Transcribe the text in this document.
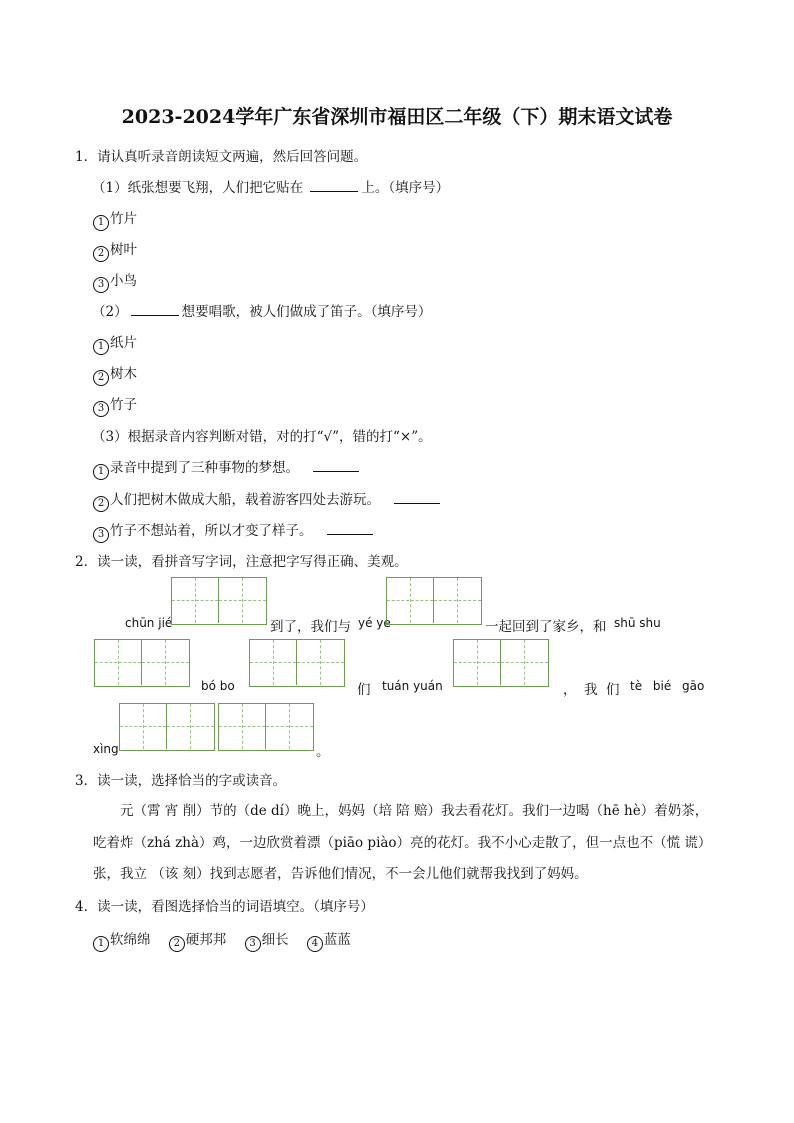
2023-2024学年广东省深圳市福田区二年级（下）期末语文试卷
1．请认真听录音朗读短文两遍，然后回答问题。
（1）纸张想要飞翔，人们把它贴在	上。（填序号）
1 竹片
2 树叶
3 小鸟
（2）	想要唱歌，被人们做成了笛子。（填序号）
1 纸片
2 树木
3 竹子
（3）根据录音内容判断对错，对的打“√”，错的打“×”。
1 录音中提到了三种事物的梦想。
2 人们把树木做成大船，载着游客四处去游玩。
3 竹子不想站着，所以才变了样子。
2．读一读，看拼音写字词，注意把字写得正确、美观。
chūn jié	到了，我们与 yé ye	一起回到了家乡，和 shū shu
bó bo	们 tuán yuán	， 我 们 tè bié gāo
xìng	。
3．读一读，选择恰当的字或读音。
元（霄 宵 削）节的（de dí）晚上，妈妈（培 陪 赔）我去看花灯。我们一边喝（hē hè）着奶茶，
吃着炸（zhá zhà）鸡，一边欣赏着漂（piāo piào）亮的花灯。我不小心走散了，但一点也不（慌 谎）
张，我立 （该 刻）找到志愿者，告诉他们情况，不一会儿他们就帮我找到了妈妈。
4．读一读，看图选择恰当的词语填空。（填序号）
1 软绵绵 2 硬邦邦 3 细长 4 蓝蓝
